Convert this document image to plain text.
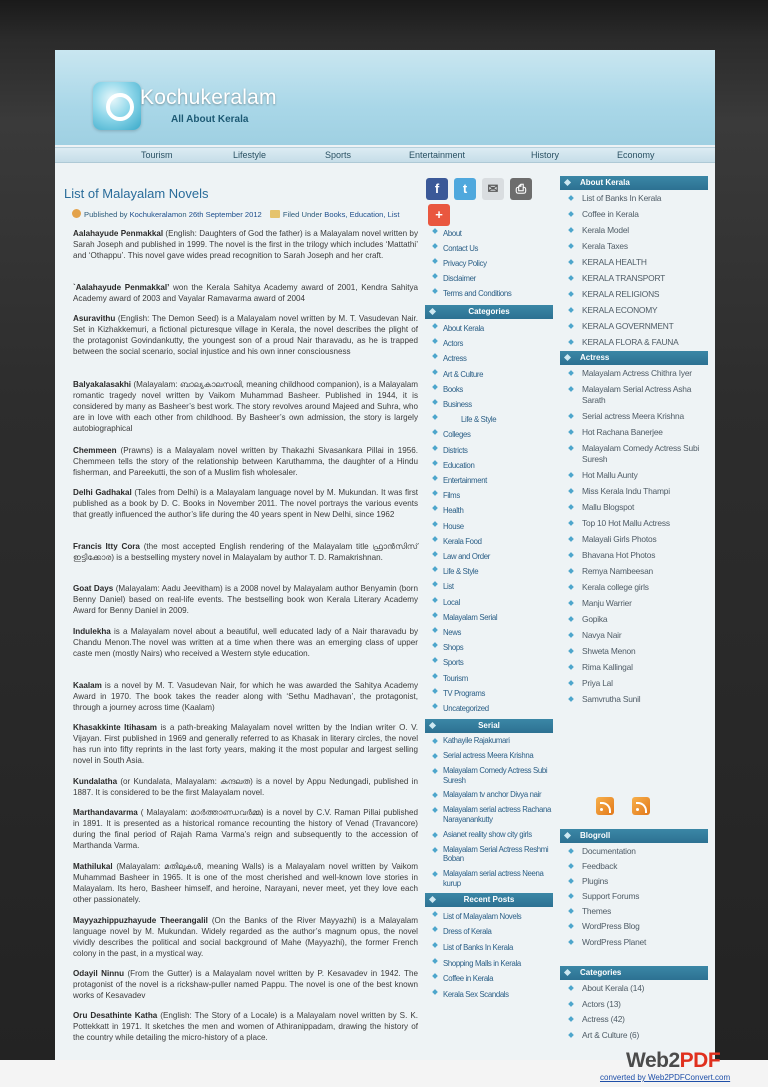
Kochukeralam
All About Kerala
Tourism	Lifestyle	Sports	Entertainment	History	Economy
List of Malayalam Novels
Published by Kochukeralamon 26th September 2012	Filed Under Books, Education, List
Aalahayude Penmakkal (English: Daughters of God the father) is a Malayalam novel written by Sarah Joseph and published in 1999. The novel is the first in the trilogy which includes ‘Mattathi’ and ‘Othappu’. This novel gave wides pread recognition to Sarah Joseph and her craft.
`Aalahayude Penmakkal’ won the Kerala Sahitya Academy award of 2001, Kendra Sahitya Academy award of 2003 and Vayalar Ramavarma award of 2004
Asuravithu (English: The Demon Seed) is a Malayalam novel written by M. T. Vasudevan Nair. Set in Kizhakkemuri, a fictional picturesque village in Kerala, the novel describes the plight of the protagonist Govindankutty, the youngest son of a proud Nair tharavadu, as he is trapped between the social scenario, social injustice and his own inner consciousness
Balyakalasakhi (Malayalam: ബാല്യകാലസഖി, meaning childhood companion), is a Malayalam romantic tragedy novel written by Vaikom Muhammad Basheer. Published in 1944, it is considered by many as Basheer’s best work. The story revolves around Majeed and Suhra, who are in love with each other from childhood. By Basheer’s own admission, the story is largely autobiographical
Chemmeen (Prawns) is a Malayalam novel written by Thakazhi Sivasankara Pillai in 1956. Chemmeen tells the story of the relationship between Karuthamma, the daughter of a Hindu fisherman, and Pareekutti, the son of a Muslim fish wholesaler.
Delhi Gadhakal (Tales from Delhi) is a Malayalam language novel by M. Mukundan. It was first published as a book by D. C. Books in November 2011. The novel portrays the various events that greatly influenced the author’s life during the 40 years spent in New Delhi, since 1962
Francis Itty Cora (the most accepted English rendering of the Malayalam title ഫ്രാൻസിസ് ഇട്ടിക്കോര) is a bestselling mystery novel in Malayalam by author T. D. Ramakrishnan.
Goat Days (Malayalam: Aadu Jeevitham) is a 2008 novel by Malayalam author Benyamin (born Benny Daniel) based on real-life events. The bestselling book won Kerala Literary Academy Award for Benny Daniel in 2009.
Indulekha is a Malayalam novel about a beautiful, well educated lady of a Nair tharavadu by Chandu Menon.The novel was written at a time when there was an emerging class of upper caste men (mostly Nairs) who received a Western style education.
Kaalam is a novel by M. T. Vasudevan Nair, for which he was awarded the Sahitya Academy Award in 1970. The book takes the reader along with ‘Sethu Madhavan’, the protagonist, through a journey across time (Kaalam)
Khasakkinte Itihasam is a path-breaking Malayalam novel written by the Indian writer O. V. Vijayan. First published in 1969 and generally referred to as Khasak in literary circles, the novel has run into fifty reprints in the last forty years, making it the most popular and largest selling novel in South Asia.
Kundalatha (or Kundalata, Malayalam: കുന്ദലത) is a novel by Appu Nedungadi, published in 1887. It is considered to be the first Malayalam novel.
Marthandavarma ( Malayalam: മാർത്താണ്ഡവർമ്മ) is a novel by C.V. Raman Pillai published in 1891. It is presented as a historical romance recounting the history of Venad (Travancore) during the final period of Rajah Rama Varma’s reign and subsequently to the accession of Marthanda Varma.
Mathilukal (Malayalam: മതിലുകൾ, meaning Walls) is a Malayalam novel written by Vaikom Muhammad Basheer in 1965. It is one of the most cherished and well-known love stories in Malayalam. Its hero, Basheer himself, and heroine, Narayani, never meet, yet they love each other passionately.
Mayyazhippuzhayude Theerangalil (On the Banks of the River Mayyazhi) is a Malayalam language novel by M. Mukundan. Widely regarded as the author’s magnum opus, the novel vividly describes the political and social background of Mahe (Mayyazhi), the former French colony in the past, in a mystical way.
Odayil Ninnu (From the Gutter) is a Malayalam novel written by P. Kesavadev in 1942. The protagonist of the novel is a rickshaw-puller named Pappu. The novel is one of the best known works of Kesavadev
Oru Desathinte Katha (English: The Story of a Locale) is a Malayalam novel written by S. K. Pottekkatt in 1971. It sketches the men and women of Athiranippadam, drawing the history of the country while detailing the micro-history of a place.
f	t	✉	⎙
+
About
Contact Us
Privacy Policy
Disclaimer
Terms and Conditions
Categories
About Kerala
Actors
Actress
Art & Culture
Books
Business
Life & Style
Colleges
Districts
Education
Entertainment
Films
Health
House
Kerala Food
Law and Order
Life & Style
List
Local
Malayalam Serial
News
Shops
Sports
Tourism
TV Programs
Uncategorized
Serial
Kathayile Rajakumari
Serial actress Meera Krishna
Malayalam Comedy Actress Subi Suresh
Malayalam tv anchor Divya nair
Malayalam serial actress Rachana Narayanankutty
Asianet reality show city girls
Malayalam Serial Actress Reshmi Boban
Malayalam serial actress Neena kurup
Recent Posts
List of Malayalam Novels
Dress of Kerala
List of Banks In Kerala
Shopping Malls in Kerala
Coffee in Kerala
Kerala Sex Scandals
About Kerala
List of Banks In Kerala
Coffee in Kerala
Kerala Model
Kerala Taxes
KERALA HEALTH
KERALA TRANSPORT
KERALA RELIGIONS
KERALA ECONOMY
KERALA GOVERNMENT
KERALA FLORA & FAUNA
Actress
Malayalam Actress Chithra Iyer
Malayalam Serial Actress Asha Sarath
Serial actress Meera Krishna
Hot Rachana Banerjee
Malayalam Comedy Actress Subi Suresh
Hot Mallu Aunty
Miss Kerala Indu Thampi
Mallu Blogspot
Top 10 Hot Mallu Actress
Malayali Girls Photos
Bhavana Hot Photos
Remya Nambeesan
Kerala college girls
Manju Warrier
Gopika
Navya Nair
Shweta Menon
Rima Kallingal
Priya Lal
Samvrutha Sunil
Blogroll
Documentation
Feedback
Plugins
Support Forums
Themes
WordPress Blog
WordPress Planet
Categories
About Kerala (14)
Actors (13)
Actress (42)
Art & Culture (6)
Web2PDF
converted by Web2PDFConvert.com
